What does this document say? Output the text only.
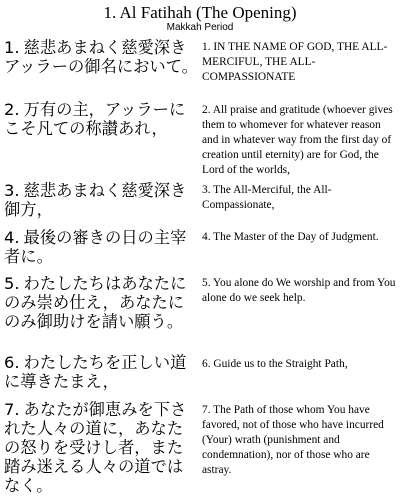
1. Al Fatihah (The Opening)
Makkah Period
1. 慈悲あまねく慈愛深きアッラーの御名において。
1. IN THE NAME OF GOD, THE ALL-MERCIFUL, THE ALL-COMPASSIONATE
2. 万有の主，アッラーにこそ凡ての称讃あれ，
2. All praise and gratitude (whoever gives them to whomever for whatever reason and in whatever way from the first day of creation until eternity) are for God, the Lord of the worlds,
3. 慈悲あまねく慈愛深き御方，
3. The All-Merciful, the All-Compassionate,
4. 最後の審きの日の主宰者に。
4. The Master of the Day of Judgment.
5. わたしたちはあなたにのみ崇め仕え，あなたにのみ御助けを請い願う。
5. You alone do We worship and from You alone do we seek help.
6. わたしたちを正しい道に導きたまえ，
6. Guide us to the Straight Path,
7. あなたが御恵みを下された人々の道に，あなた の怒りを受けし者，また踏み迷える人々の道ではなく。
7. The Path of those whom You have favored, not of those who have incurred (Your) wrath (punishment and condemnation), nor of those who are astray.
